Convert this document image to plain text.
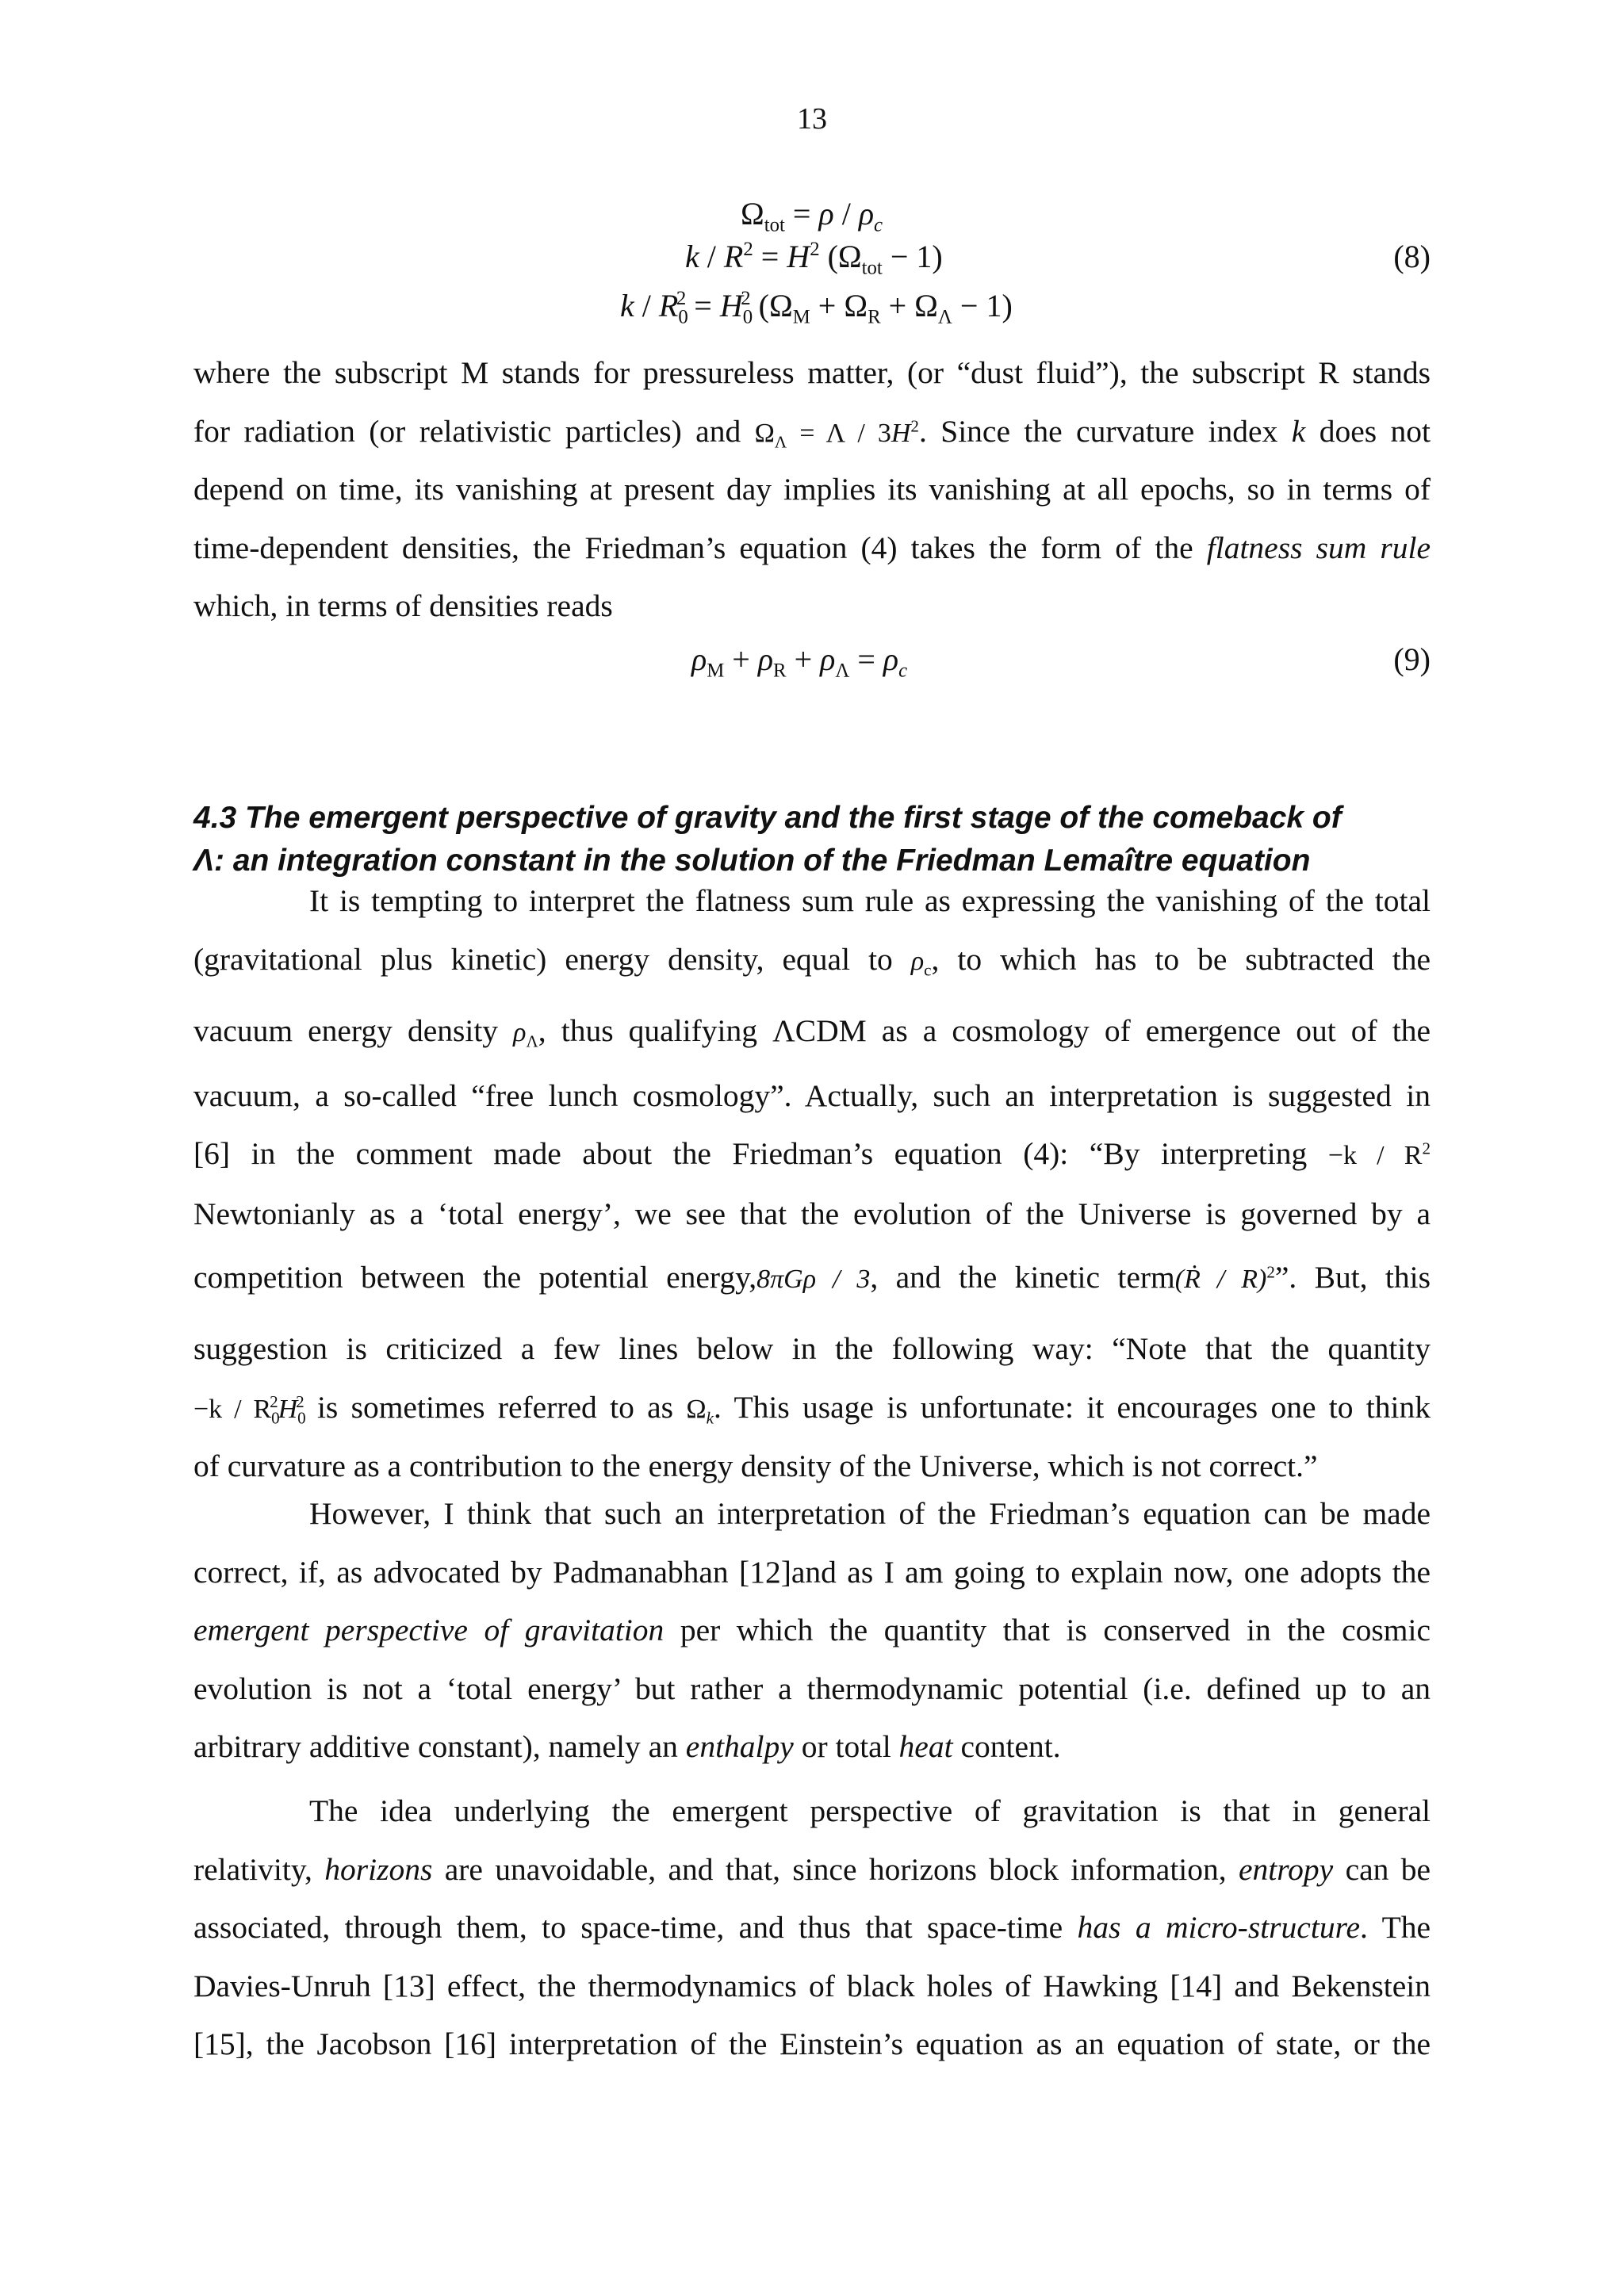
13
$\Omega_{tot} = \rho / \rho_c$
$k / R^2 = H^2$ $(\Omega_{tot} - 1)$
$k / R_0^2 = H_0^2$ $(\Omega_M + \Omega_R + \Omega_\Lambda - 1)$
(8)
where the subscript M stands for pressureless matter, (or “dust fluid”), the subscript R stands
for radiation (or relativistic particles) and $\Omega_\Lambda = \Lambda / 3H^2$. Since the curvature index k does not
depend on time, its vanishing at present day implies its vanishing at all epochs, so in terms of
time-dependent densities, the Friedman’s equation (4) takes the form of the flatness sum rule
which, in terms of densities reads
$\rho_M + \rho_R + \rho_\Lambda = \rho_c$	(9)
4.3 The emergent perspective of gravity and the first stage of the comeback of
Λ: an integration constant in the solution of the Friedman Lemaître equation
It is tempting to interpret the flatness sum rule as expressing the vanishing of the total
(gravitational plus kinetic) energy density, equal to $\rho_c$, to which has to be subtracted the
vacuum energy density $\rho_\Lambda$, thus qualifying ΛCDM as a cosmology of emergence out of the
vacuum, a so-called “free lunch cosmology”. Actually, such an interpretation is suggested in
[6] in the comment made about the Friedman’s equation (4): “By interpreting $-k / R^2$
Newtonianly as a ‘total energy’, we see that the evolution of the Universe is governed by a
competition between the potential energy,8πGρ / 3, and the kinetic term(Ṙ / R)$^2$”. But, this
suggestion is criticized a few lines below in the following way: “Note that the quantity
$-k / R_0^2H_0^2$ is sometimes referred to as $\Omega_k$. This usage is unfortunate: it encourages one to think
of curvature as a contribution to the energy density of the Universe, which is not correct.”
However, I think that such an interpretation of the Friedman’s equation can be made
correct, if, as advocated by Padmanabhan [12]and as I am going to explain now, one adopts the
emergent perspective of gravitation per which the quantity that is conserved in the cosmic
evolution is not a ‘total energy’ but rather a thermodynamic potential (i.e. defined up to an
arbitrary additive constant), namely an enthalpy or total heat content.
The idea underlying the emergent perspective of gravitation is that in general
relativity, horizons are unavoidable, and that, since horizons block information, entropy can be
associated, through them, to space-time, and thus that space-time has a micro-structure. The
Davies-Unruh [13] effect, the thermodynamics of black holes of Hawking [14] and Bekenstein
[15], the Jacobson [16] interpretation of the Einstein’s equation as an equation of state, or the
